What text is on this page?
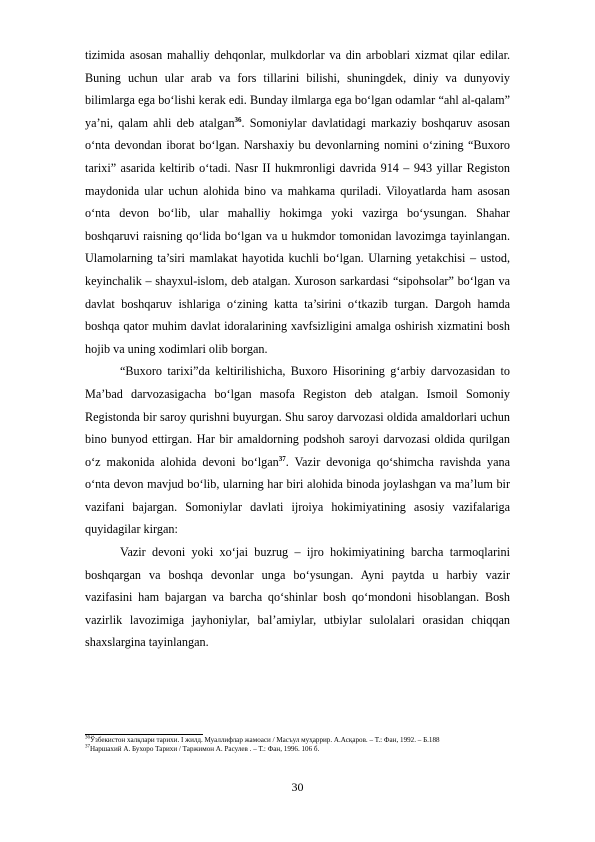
tizimida asosan mahalliy dehqonlar, mulkdorlar va din arboblari xizmat qilar edilar. Buning uchun ular arab va fors tillarini bilishi, shuningdek, diniy va dunyoviy bilimlarga ega bo‘lishi kerak edi. Bunday ilmlarga ega bo‘lgan odamlar “ahl al-qalam” ya’ni, qalam ahli deb atalgan$^{36}$. Somoniylar davlatidagi markaziy boshqaruv asosan o‘nta devondan iborat bo‘lgan. Narshaxiy bu devonlarning nomini o‘zining “Buxoro tarixi” asarida keltirib o‘tadi. Nasr II hukmronligi davrida 914 – 943 yillar Registon maydonida ular uchun alohida bino va mahkama quriladi. Viloyatlarda ham asosan o‘nta devon bo‘lib, ular mahalliy hokimga yoki vazirga bo‘ysungan. Shahar boshqaruvi raisning qo‘lida bo‘lgan va u hukmdor tomonidan lavozimga tayinlangan. Ulamolarning ta’siri mamlakat hayotida kuchli bo‘lgan. Ularning yetakchisi – ustod, keyinchalik – shayxul-islom, deb atalgan. Xuroson sarkardasi “sipohsolar” bo‘lgan va davlat boshqaruv ishlariga o‘zining katta ta’sirini o‘tkazib turgan. Dargoh hamda boshqa qator muhim davlat idoralarining xavfsizligini amalga oshirish xizmatini bosh hojib va uning xodimlari olib borgan.

“Buxoro tarixi”da keltirilishicha, Buxoro Hisorining g‘arbiy darvozasidan to Ma’bad darvozasigacha bo‘lgan masofa Registon deb atalgan. Ismoil Somoniy Registonda bir saroy qurishni buyurgan. Shu saroy darvozasi oldida amaldorlari uchun bino bunyod ettirgan. Har bir amaldorning podshoh saroyi darvozasi oldida qurilgan o‘z makonida alohida devoni bo‘lgan$^{37}$. Vazir devoniga qo‘shimcha ravishda yana o‘nta devon mavjud bo‘lib, ularning har biri alohida binoda joylashgan va ma’lum bir vazifani bajargan. Somoniylar davlati ijroiya hokimiyatining asosiy vazifalariga quyidagilar kirgan:

Vazir devoni yoki xo‘jai buzrug – ijro hokimiyatining barcha tarmoqlarini boshqargan va boshqa devonlar unga bo‘ysungan. Ayni paytda u harbiy vazir vazifasini ham bajargan va barcha qo‘shinlar bosh qo‘mondoni hisoblangan. Bosh vazirlik lavozimiga jayhoniylar, bal’amiylar, utbiylar sulolalari orasidan chiqqan shaxslargina tayinlangan.

$^{36}$Ўзбекистон халқлари тарихи. I жилд. Муаллифлар жамоаси / Масъул муҳаррир. А.Асқаров. – Т.: Фан, 1992. – Б.188

$^{37}$Наршахий А. Бухоро Тарихи / Таржимон А. Расулев . – Т.: Фан, 1996. 106 б.

30
